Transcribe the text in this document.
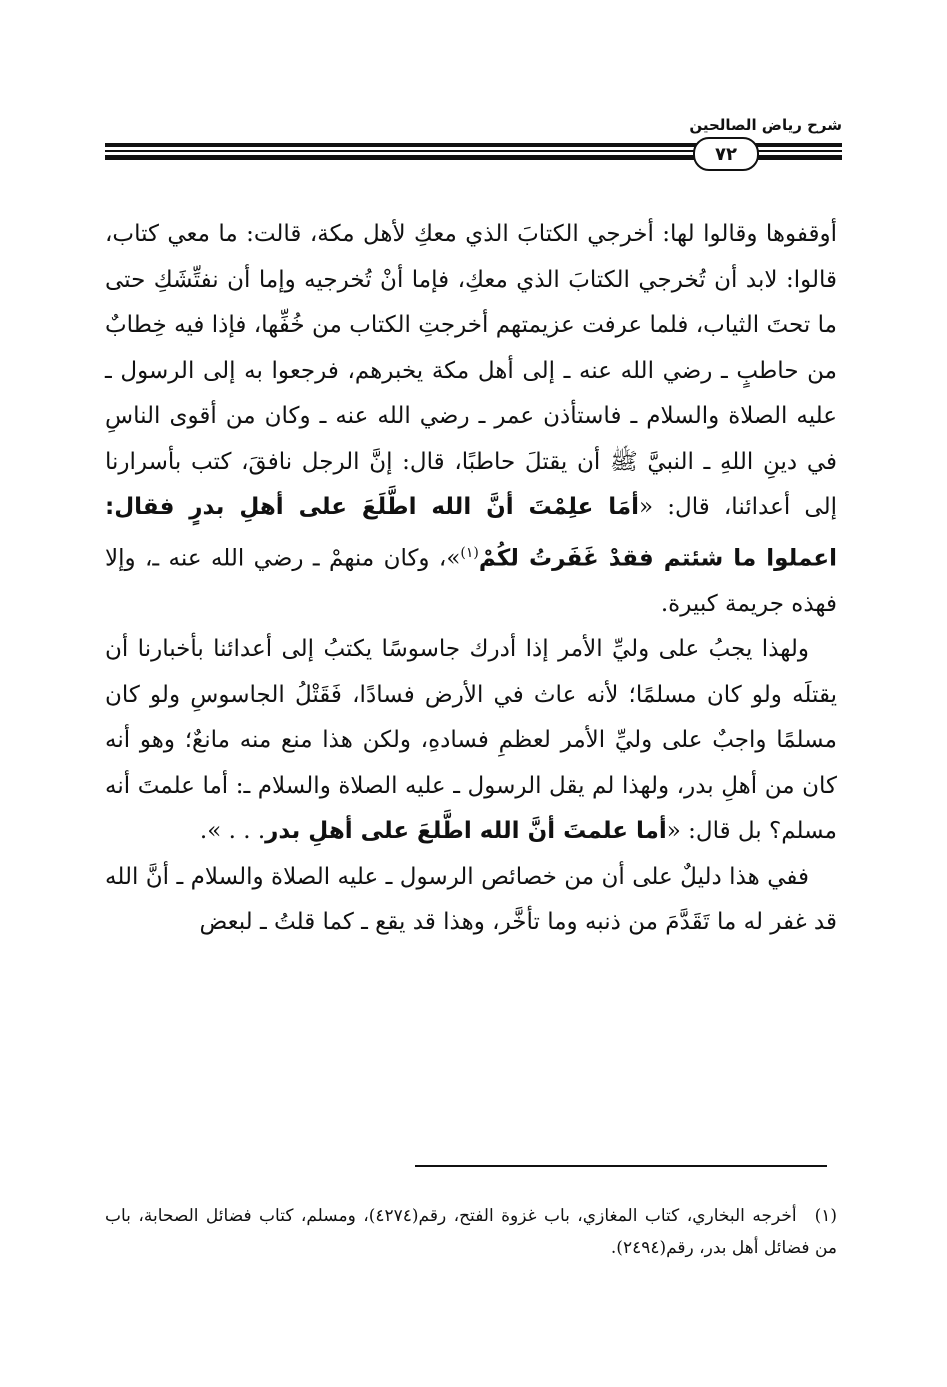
شرح رياض الصالحين
٧٢

أوقفوها وقالوا لها: أخرجي الكتابَ الذي معكِ لأهل مكة، قالت: ما معي كتاب، قالوا: لابد أن تُخرجي الكتابَ الذي معكِ، فإما أنْ تُخرجيه وإما أن نفتِّشَكِ حتى ما تحتَ الثياب، فلما عرفت عزيمتهم أخرجتِ الكتاب من خُفِّها، فإذا فيه خِطابٌ من حاطبٍ ـ رضي الله عنه ـ إلى أهل مكة يخبرهم، فرجعوا به إلى الرسول ـ عليه الصلاة والسلام ـ فاستأذن عمر ـ رضي الله عنه ـ وكان من أقوى الناسِ في دينِ اللهِ ـ النبيَّ ﷺ أن يقتلَ حاطبًا، قال: إنَّ الرجل نافقَ، كتب بأسرارنا إلى أعدائنا، قال: «أمَا علِمْتَ أنَّ الله اطَّلَعَ على أهلِ بدرٍ فقال: اعملوا ما شئتم فقدْ غَفَرتُ لكُمْ$^{(١)}$»، وكان منهمْ ـ رضي الله عنه ـ، وإلا فهذه جريمة كبيرة.

ولهذا يجبُ على وليِّ الأمر إذا أدرك جاسوسًا يكتبُ إلى أعدائنا بأخبارنا أن يقتلَه ولو كان مسلمًا؛ لأنه عاث في الأرض فسادًا، فَقَتْلُ الجاسوسِ ولو كان مسلمًا واجبٌ على وليِّ الأمر لعظمِ فسادهِ، ولكن هذا منع منه مانعٌ؛ وهو أنه كان من أهلِ بدر، ولهذا لم يقل الرسول ـ عليه الصلاة والسلام ـ: أما علمتَ أنه مسلم؟ بل قال: «أما علمتَ أنَّ الله اطَّلعَ على أهلِ بدر. . . ».

ففي هذا دليلٌ على أن من خصائص الرسول ـ عليه الصلاة والسلام ـ أنَّ الله قد غفر له ما تَقَدَّمَ من ذنبه وما تأخَّر، وهذا قد يقع ـ كما قلتُ ـ لبعض

(١)أخرجه البخاري، كتاب المغازي، باب غزوة الفتح، رقم(٤٢٧٤)، ومسلم، كتاب فضائل الصحابة، باب من فضائل أهل بدر، رقم(٢٤٩٤).
